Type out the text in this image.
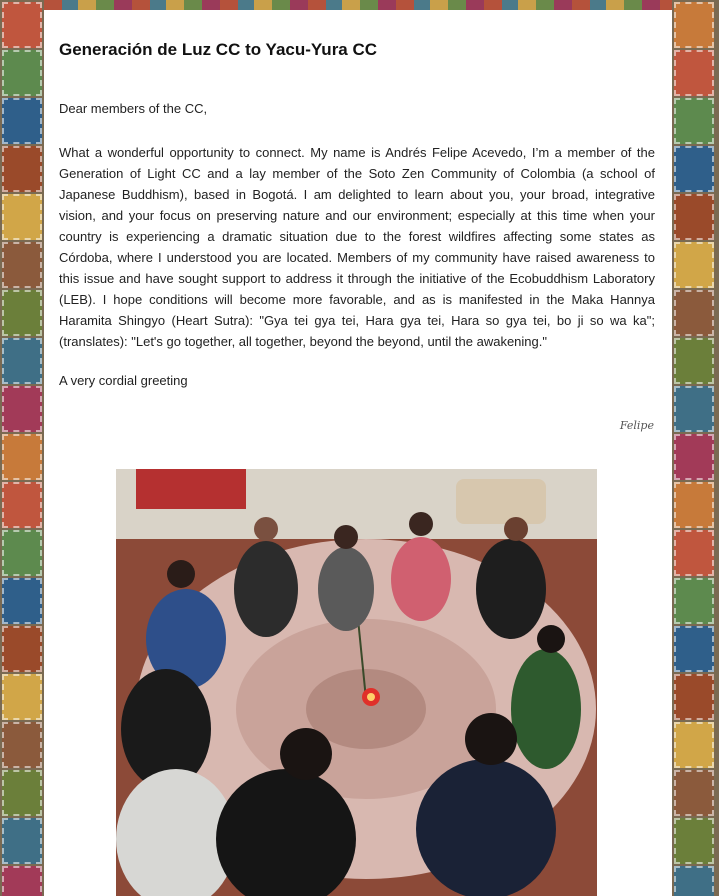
Generación de Luz CC to Yacu-Yura CC
Dear members of the CC,

What a wonderful opportunity to connect. My name is Andrés Felipe Acevedo, I’m a member of the Generation of Light CC and a lay member of the Soto Zen Community of Colombia (a school of Japanese Buddhism), based in Bogotá. I am delighted to learn about you, your broad, integrative vision, and your focus on preserving nature and our environment; especially at this time when your country is experiencing a dramatic situation due to the forest wildfires affecting some states as Córdoba, where I understood you are located. Members of my community have raised awareness to this issue and have sought support to address it through the initiative of the Ecobuddhism Laboratory (LEB). I hope conditions will become more favorable, and as is manifested in the Maka Hannya Haramita Shingyo (Heart Sutra): "Gya tei gya tei, Hara gya tei, Hara so gya tei, bo ji so wa ka"; (translates): "Let's go together, all together, beyond the beyond, until the awakening."

A very cordial greeting
Felipe
